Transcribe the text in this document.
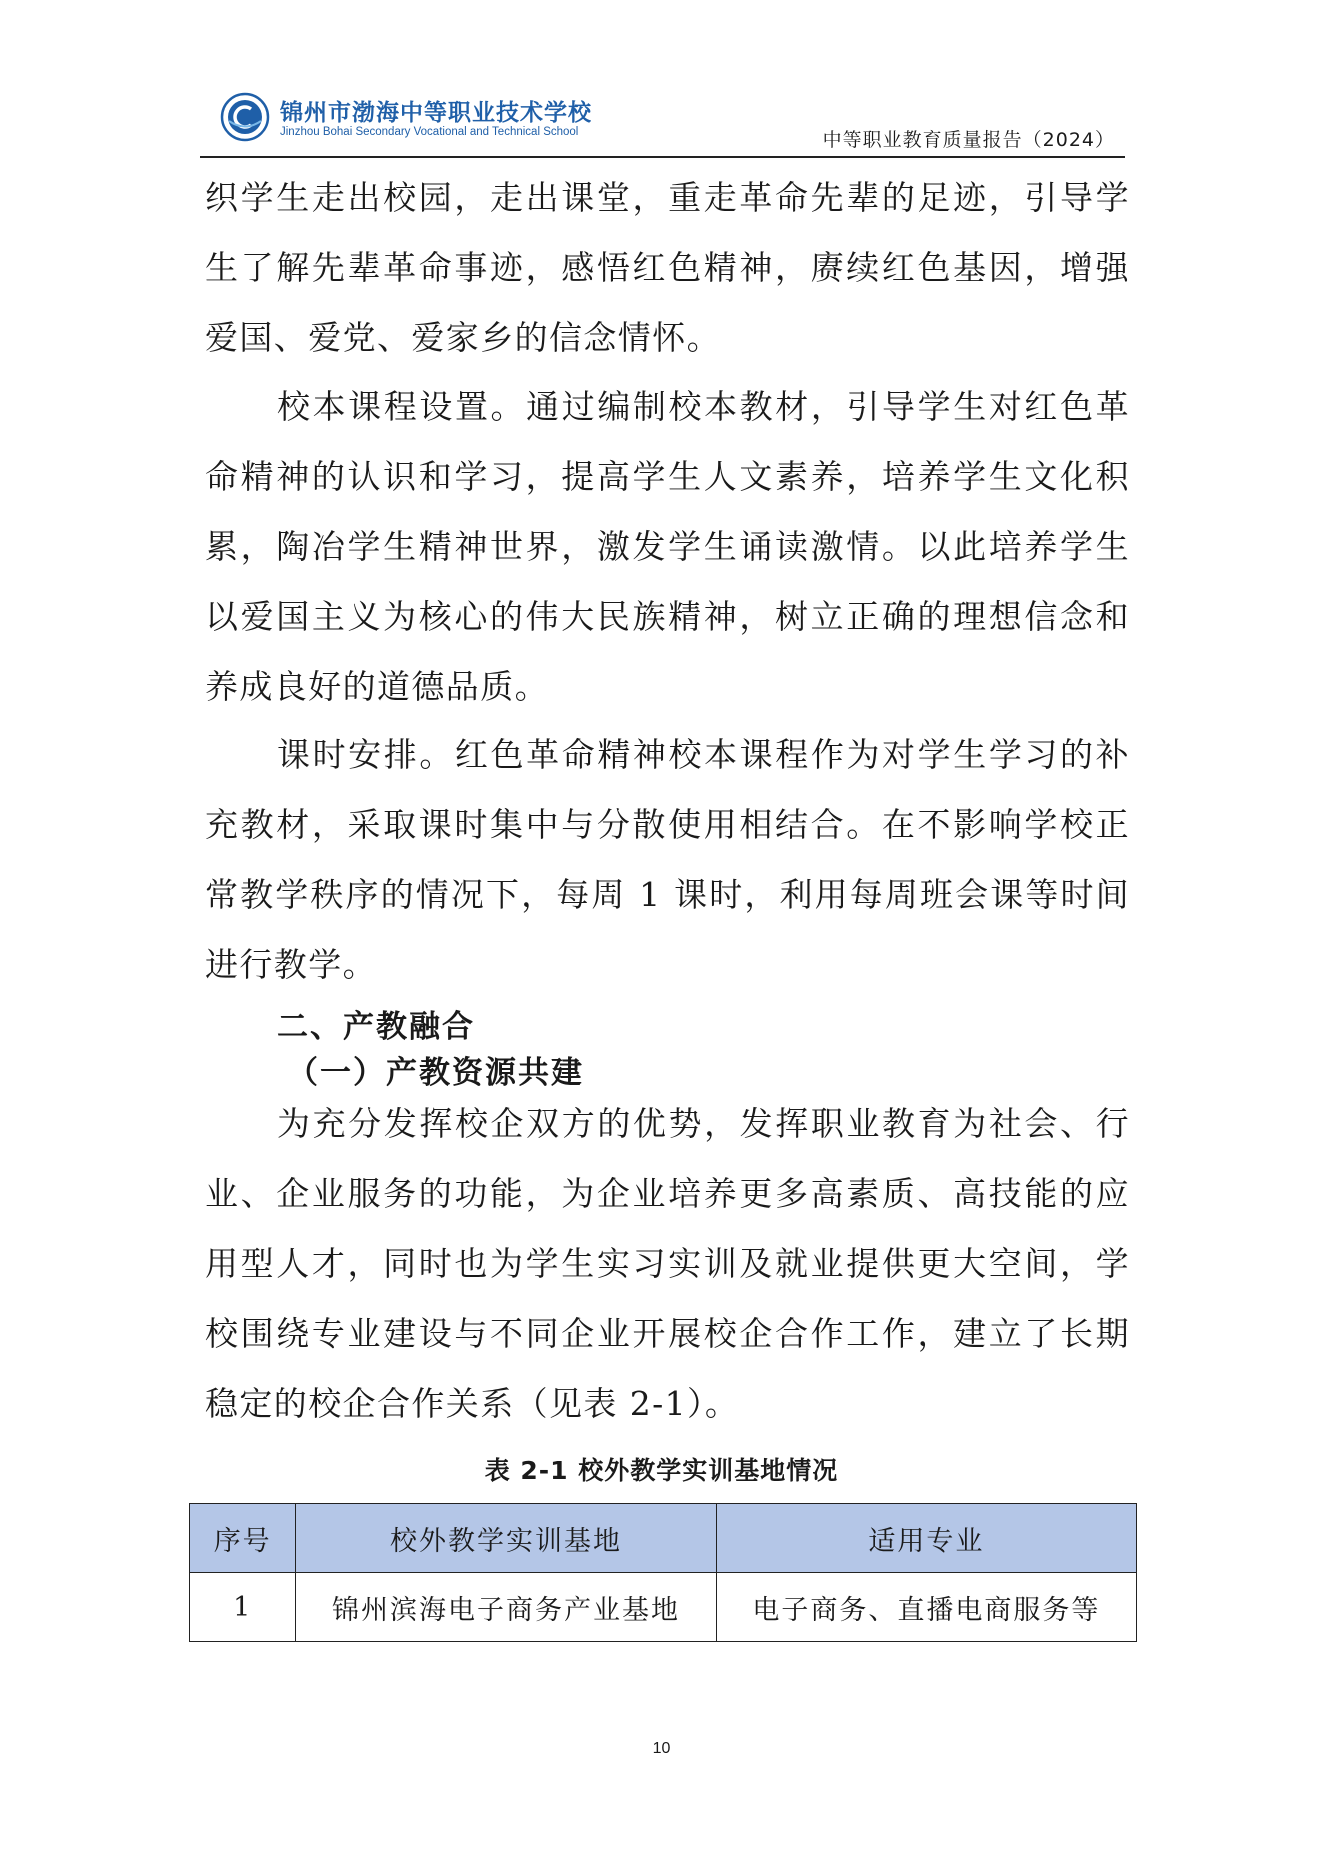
锦州市渤海中等职业技术学校
Jinzhou Bohai Secondary Vocational and Technical School	中等职业教育质量报告（2024）
织学生走出校园，走出课堂，重走革命先辈的足迹，引导学
生了解先辈革命事迹，感悟红色精神，赓续红色基因，增强
爱国、爱党、爱家乡的信念情怀。
校本课程设置。通过编制校本教材，引导学生对红色革
命精神的认识和学习，提高学生人文素养，培养学生文化积
累，陶冶学生精神世界，激发学生诵读激情。以此培养学生
以爱国主义为核心的伟大民族精神，树立正确的理想信念和
养成良好的道德品质。
课时安排。红色革命精神校本课程作为对学生学习的补
充教材，采取课时集中与分散使用相结合。在不影响学校正
常教学秩序的情况下，每周 1 课时，利用每周班会课等时间
进行教学。
二、产教融合
（一）产教资源共建
为充分发挥校企双方的优势，发挥职业教育为社会、行
业、企业服务的功能，为企业培养更多高素质、高技能的应
用型人才，同时也为学生实习实训及就业提供更大空间，学
校围绕专业建设与不同企业开展校企合作工作，建立了长期
稳定的校企合作关系（见表 2-1）。
表 2-1 校外教学实训基地情况
序号	校外教学实训基地	适用专业
1	锦州滨海电子商务产业基地	电子商务、直播电商服务等
10
